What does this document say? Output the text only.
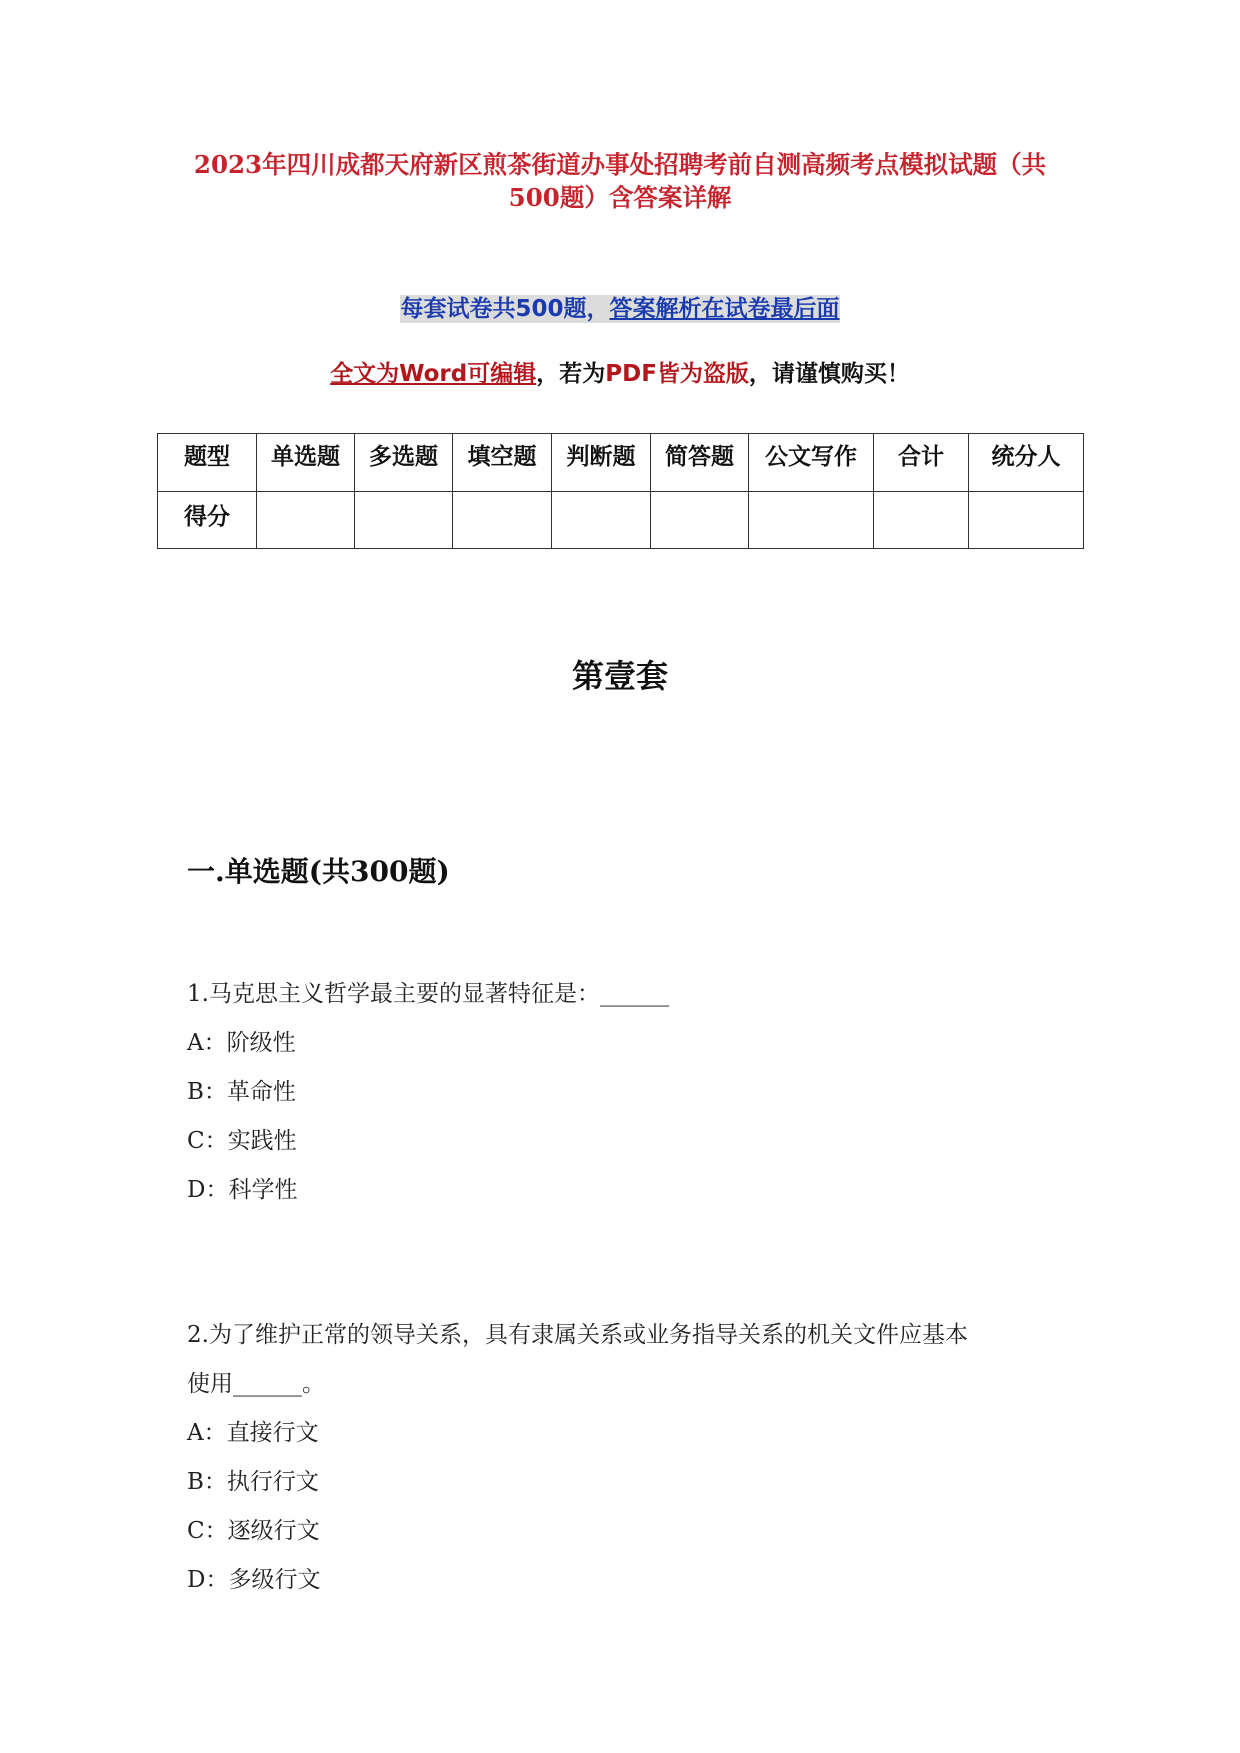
2023年四川成都天府新区煎茶街道办事处招聘考前自测高频考点模拟试题（共
500题）含答案详解
每套试卷共500题，答案解析在试卷最后面
全文为Word可编辑，若为PDF皆为盗版，请谨慎购买！
题型	单选题	多选题	填空题	判断题	简答题	公文写作	合计	统分人
得分								
第壹套
一.单选题(共300题)
1.马克思主义哲学最主要的显著特征是：______
A：阶级性
B：革命性
C：实践性
D：科学性
2.为了维护正常的领导关系，具有隶属关系或业务指导关系的机关文件应基本
使用______。
A：直接行文
B：执行行文
C：逐级行文
D：多级行文
